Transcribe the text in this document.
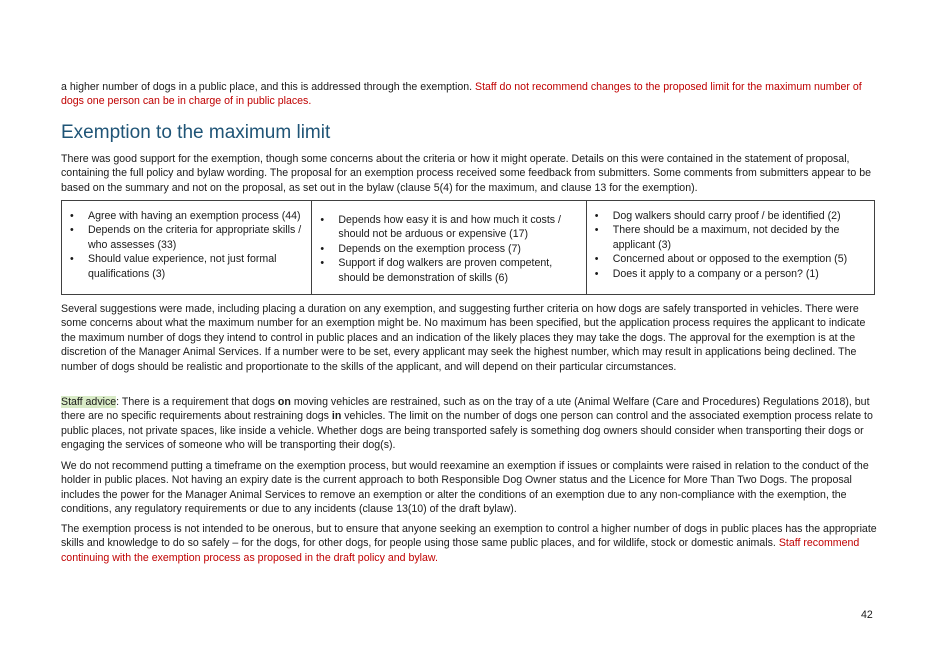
a higher number of dogs in a public place, and this is addressed through the exemption. Staff do not recommend changes to the proposed limit for the maximum number of dogs one person can be in charge of in public places.

Exemption to the maximum limit

There was good support for the exemption, though some concerns about the criteria or how it might operate. Details on this were contained in the statement of proposal, containing the full policy and bylaw wording. The proposal for an exemption process received some feedback from submitters. Some comments from submitters appear to be based on the summary and not on the proposal, as set out in the bylaw (clause 5(4) for the maximum, and clause 13 for the exemption).

• Agree with having an exemption process (44)
• Depends on the criteria for appropriate skills / who assesses (33)
• Should value experience, not just formal qualifications (3)
• Depends how easy it is and how much it costs / should not be arduous or expensive (17)
• Depends on the exemption process (7)
• Support if dog walkers are proven competent, should be demonstration of skills (6)
• Dog walkers should carry proof / be identified (2)
• There should be a maximum, not decided by the applicant (3)
• Concerned about or opposed to the exemption (5)
• Does it apply to a company or a person? (1)

Several suggestions were made, including placing a duration on any exemption, and suggesting further criteria on how dogs are safely transported in vehicles. There were some concerns about what the maximum number for an exemption might be. No maximum has been specified, but the application process requires the applicant to indicate the maximum number of dogs they intend to control in public places and an indication of the likely places they may take the dogs. The approval for the exemption is at the discretion of the Manager Animal Services. If a number were to be set, every applicant may seek the highest number, which may result in applications being declined. The number of dogs should be realistic and proportionate to the skills of the applicant, and will depend on their particular circumstances.

Staff advice: There is a requirement that dogs on moving vehicles are restrained, such as on the tray of a ute (Animal Welfare (Care and Procedures) Regulations 2018), but there are no specific requirements about restraining dogs in vehicles. The limit on the number of dogs one person can control and the associated exemption process relate to public places, not private spaces, like inside a vehicle. Whether dogs are being transported safely is something dog owners should consider when transporting their dogs or engaging the services of someone who will be transporting their dog(s).

We do not recommend putting a timeframe on the exemption process, but would reexamine an exemption if issues or complaints were raised in relation to the conduct of the holder in public places. Not having an expiry date is the current approach to both Responsible Dog Owner status and the Licence for More Than Two Dogs. The proposal includes the power for the Manager Animal Services to remove an exemption or alter the conditions of an exemption due to any non-compliance with the exemption, the conditions, any regulatory requirements or due to any incidents (clause 13(10) of the draft bylaw).

The exemption process is not intended to be onerous, but to ensure that anyone seeking an exemption to control a higher number of dogs in public places has the appropriate skills and knowledge to do so safely – for the dogs, for other dogs, for people using those same public places, and for wildlife, stock or domestic animals. Staff recommend continuing with the exemption process as proposed in the draft policy and bylaw.

42
